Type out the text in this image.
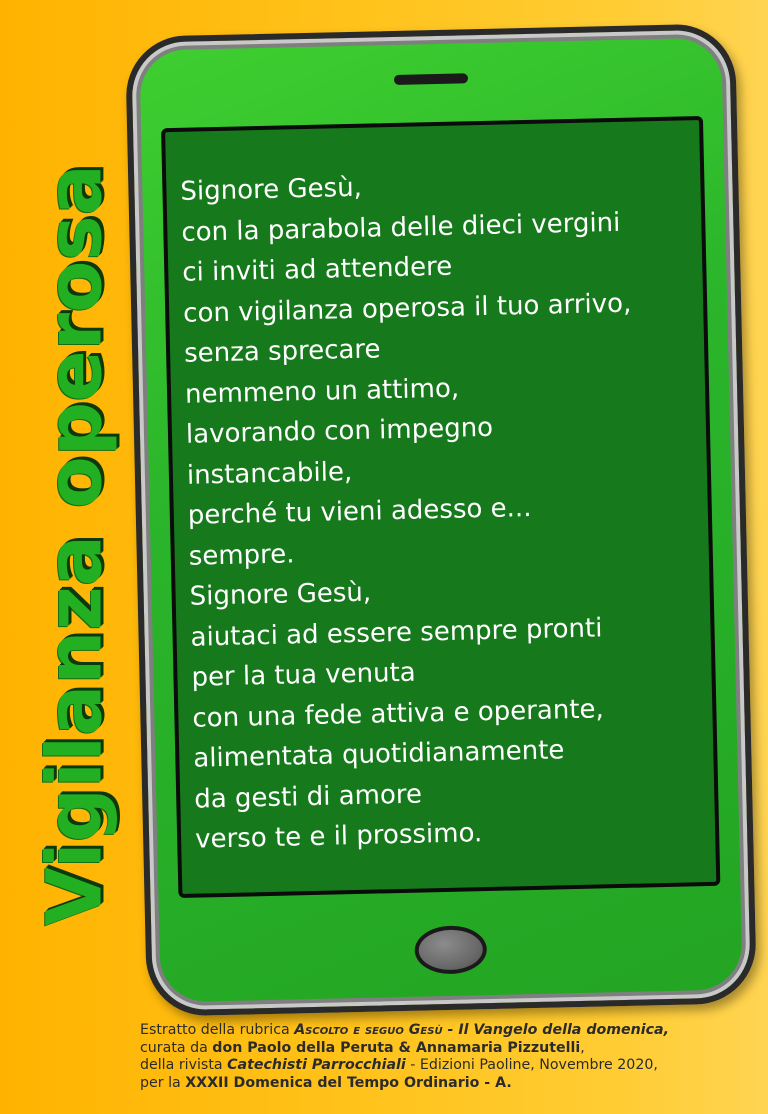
Vigilanza operosa Signore Gesù,
con la parabola delle dieci vergini
ci inviti ad attendere
con vigilanza operosa il tuo arrivo,
senza sprecare
nemmeno un attimo,
lavorando con impegno
instancabile,
perché tu vieni adesso e...
sempre.
Signore Gesù,
aiutaci ad essere sempre pronti
per la tua venuta
con una fede attiva e operante,
alimentata quotidianamente
da gesti di amore
verso te e il prossimo.
Estratto della rubrica Ascolto e seguo Gesù - Il Vangelo della domenica,
curata da don Paolo della Peruta & Annamaria Pizzutelli,
della rivista Catechisti Parrocchiali - Edizioni Paoline, Novembre 2020,
per la XXXII Domenica del Tempo Ordinario - A.
